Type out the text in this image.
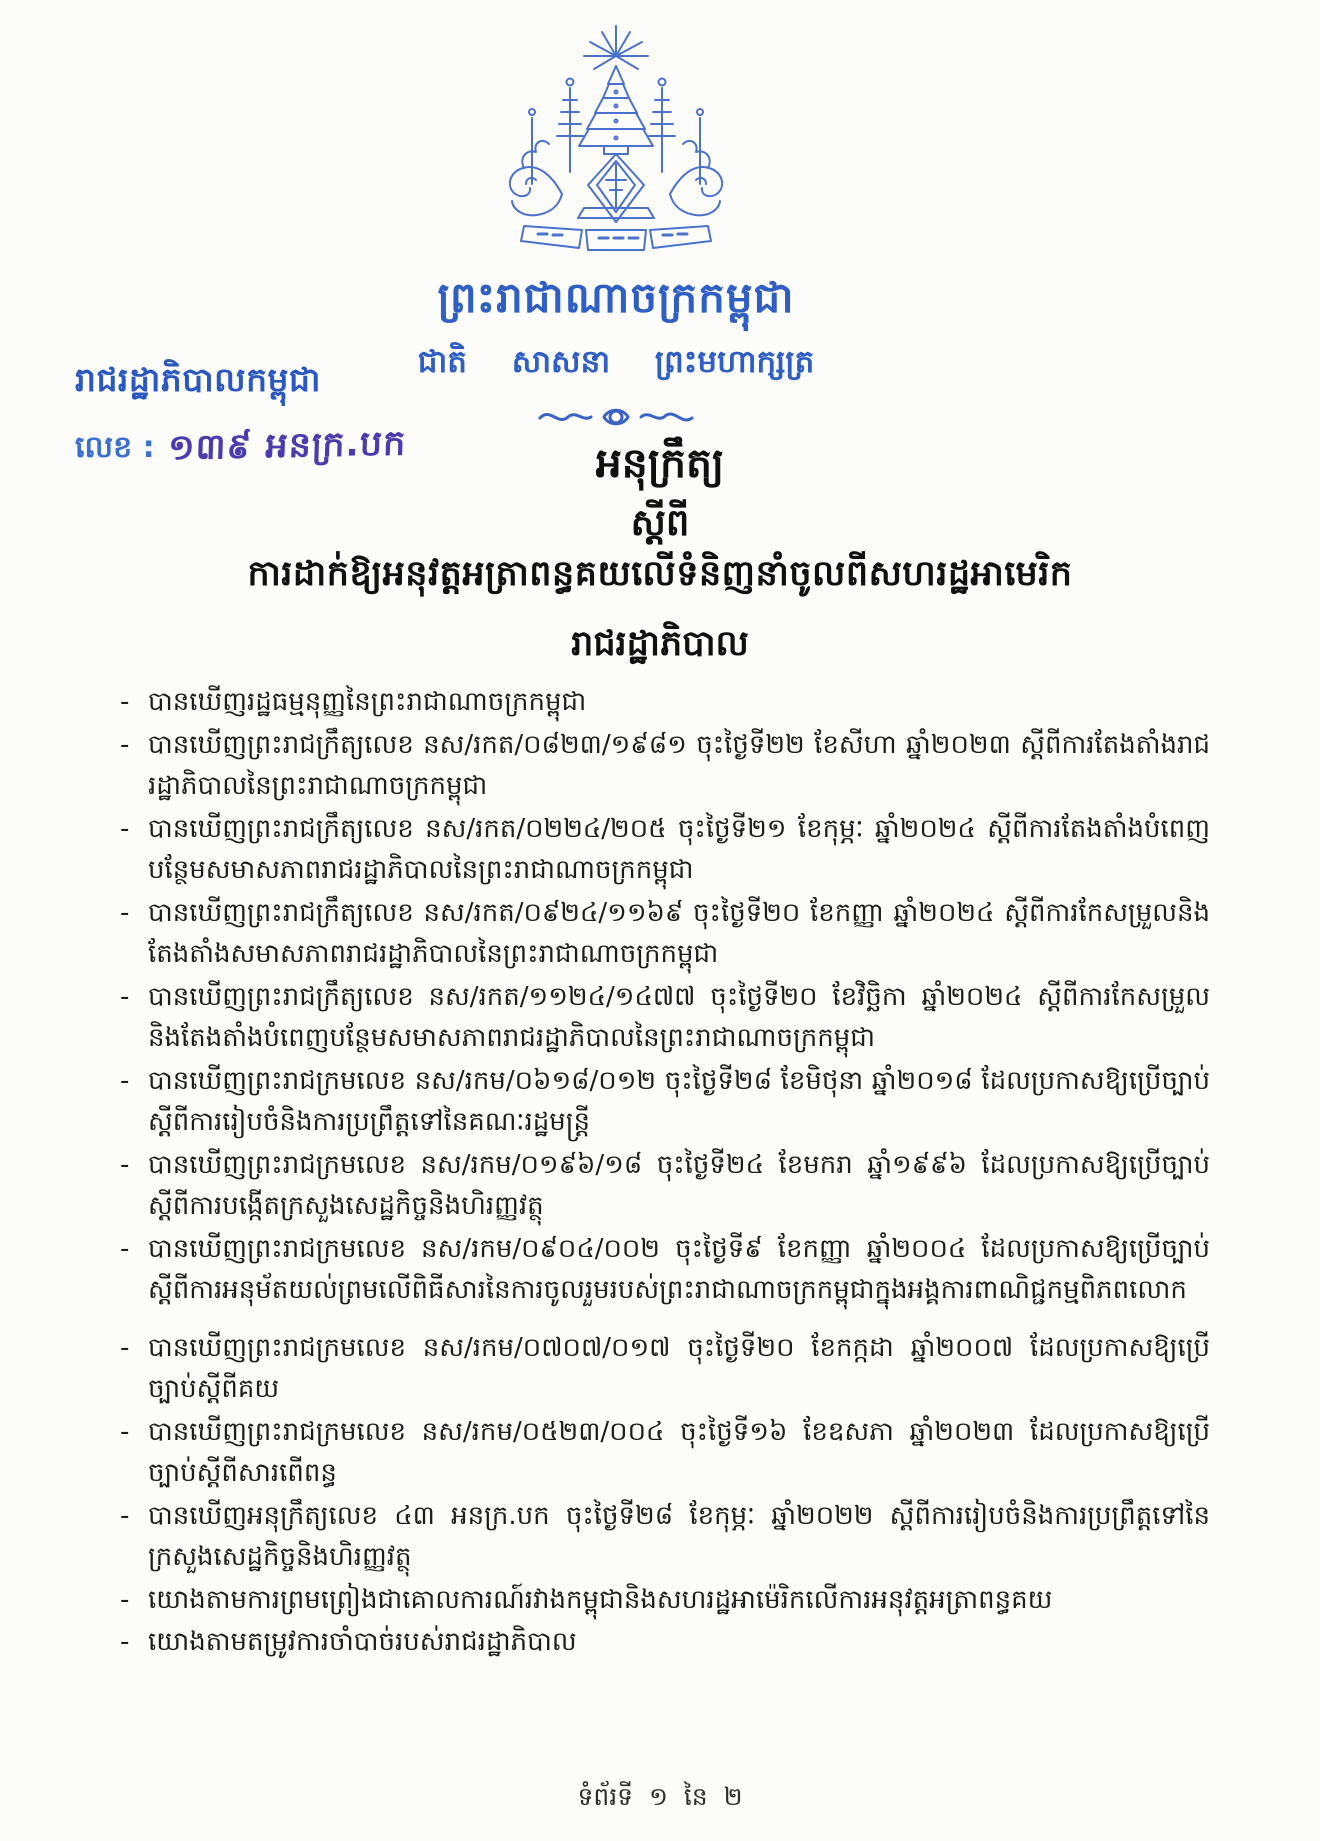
ព្រះរាជាណាចក្រកម្ពុជា
ជាតិ សាសនា ព្រះមហាក្សត្រ
រាជរដ្ឋាភិបាលកម្ពុជា
លេខ : ១៣៩ អនក្រ.បក	អនុក្រឹត្យ
ស្តីពី
ការដាក់ឱ្យអនុវត្តអត្រាពន្ធគយលើទំនិញនាំចូលពីសហរដ្ឋអាមេរិក
រាជរដ្ឋាភិបាល
- បានឃើញរដ្ឋធម្មនុញ្ញនៃព្រះរាជាណាចក្រកម្ពុជា
- បានឃើញព្រះរាជក្រឹត្យលេខ នស/រកត/០៨២៣/១៩៨១ ចុះថ្ងៃទី២២ ខែសីហា ឆ្នាំ២០២៣ ស្តីពីការតែងតាំងរាជរដ្ឋាភិបាលនៃព្រះរាជាណាចក្រកម្ពុជា
- បានឃើញព្រះរាជក្រឹត្យលេខ នស/រកត/០២២៤/២០៥ ចុះថ្ងៃទី២១ ខែកុម្ភៈ ឆ្នាំ២០២៤ ស្តីពីការតែងតាំងបំពេញបន្ថែមសមាសភាពរាជរដ្ឋាភិបាលនៃព្រះរាជាណាចក្រកម្ពុជា
- បានឃើញព្រះរាជក្រឹត្យលេខ នស/រកត/០៩២៤/១១៦៩ ចុះថ្ងៃទី២០ ខែកញ្ញា ឆ្នាំ២០២៤ ស្តីពីការកែសម្រួលនិងតែងតាំងសមាសភាពរាជរដ្ឋាភិបាលនៃព្រះរាជាណាចក្រកម្ពុជា
- បានឃើញព្រះរាជក្រឹត្យលេខ នស/រកត/១១២៤/១៤៧៧ ចុះថ្ងៃទី២០ ខែវិច្ឆិកា ឆ្នាំ២០២៤ ស្តីពីការកែសម្រួលនិងតែងតាំងបំពេញបន្ថែមសមាសភាពរាជរដ្ឋាភិបាលនៃព្រះរាជាណាចក្រកម្ពុជា
- បានឃើញព្រះរាជក្រមលេខ នស/រកម/០៦១៨/០១២ ចុះថ្ងៃទី២៨ ខែមិថុនា ឆ្នាំ២០១៨ ដែលប្រកាសឱ្យប្រើច្បាប់ស្តីពីការរៀបចំនិងការប្រព្រឹត្តទៅនៃគណៈរដ្ឋមន្ត្រី
- បានឃើញព្រះរាជក្រមលេខ នស/រកម/០១៩៦/១៨ ចុះថ្ងៃទី២៤ ខែមករា ឆ្នាំ១៩៩៦ ដែលប្រកាសឱ្យប្រើច្បាប់ស្តីពីការបង្កើតក្រសួងសេដ្ឋកិច្ចនិងហិរញ្ញវត្ថុ
- បានឃើញព្រះរាជក្រមលេខ នស/រកម/០៩០៤/០០២ ចុះថ្ងៃទី៩ ខែកញ្ញា ឆ្នាំ២០០៤ ដែលប្រកាសឱ្យប្រើច្បាប់ស្តីពីការអនុម័តយល់ព្រមលើពិធីសារនៃការចូលរួមរបស់ព្រះរាជាណាចក្រកម្ពុជាក្នុងអង្គការពាណិជ្ជកម្មពិភពលោក
- បានឃើញព្រះរាជក្រមលេខ នស/រកម/០៧០៧/០១៧ ចុះថ្ងៃទី២០ ខែកក្កដា ឆ្នាំ២០០៧ ដែលប្រកាសឱ្យប្រើច្បាប់ស្តីពីគយ
- បានឃើញព្រះរាជក្រមលេខ នស/រកម/០៥២៣/០០៤ ចុះថ្ងៃទី១៦ ខែឧសភា ឆ្នាំ២០២៣ ដែលប្រកាសឱ្យប្រើច្បាប់ស្តីពីសារពើពន្ធ
- បានឃើញអនុក្រឹត្យលេខ ៤៣ អនក្រ.បក ចុះថ្ងៃទី២៨ ខែកុម្ភៈ ឆ្នាំ២០២២ ស្តីពីការរៀបចំនិងការប្រព្រឹត្តទៅនៃក្រសួងសេដ្ឋកិច្ចនិងហិរញ្ញវត្ថុ
- យោងតាមការព្រមព្រៀងជាគោលការណ៍រវាងកម្ពុជានិងសហរដ្ឋអាម៉េរិកលើការអនុវត្តអត្រាពន្ធគយ
- យោងតាមតម្រូវការចាំបាច់របស់រាជរដ្ឋាភិបាល
ទំព័រទី ១ នៃ ២
